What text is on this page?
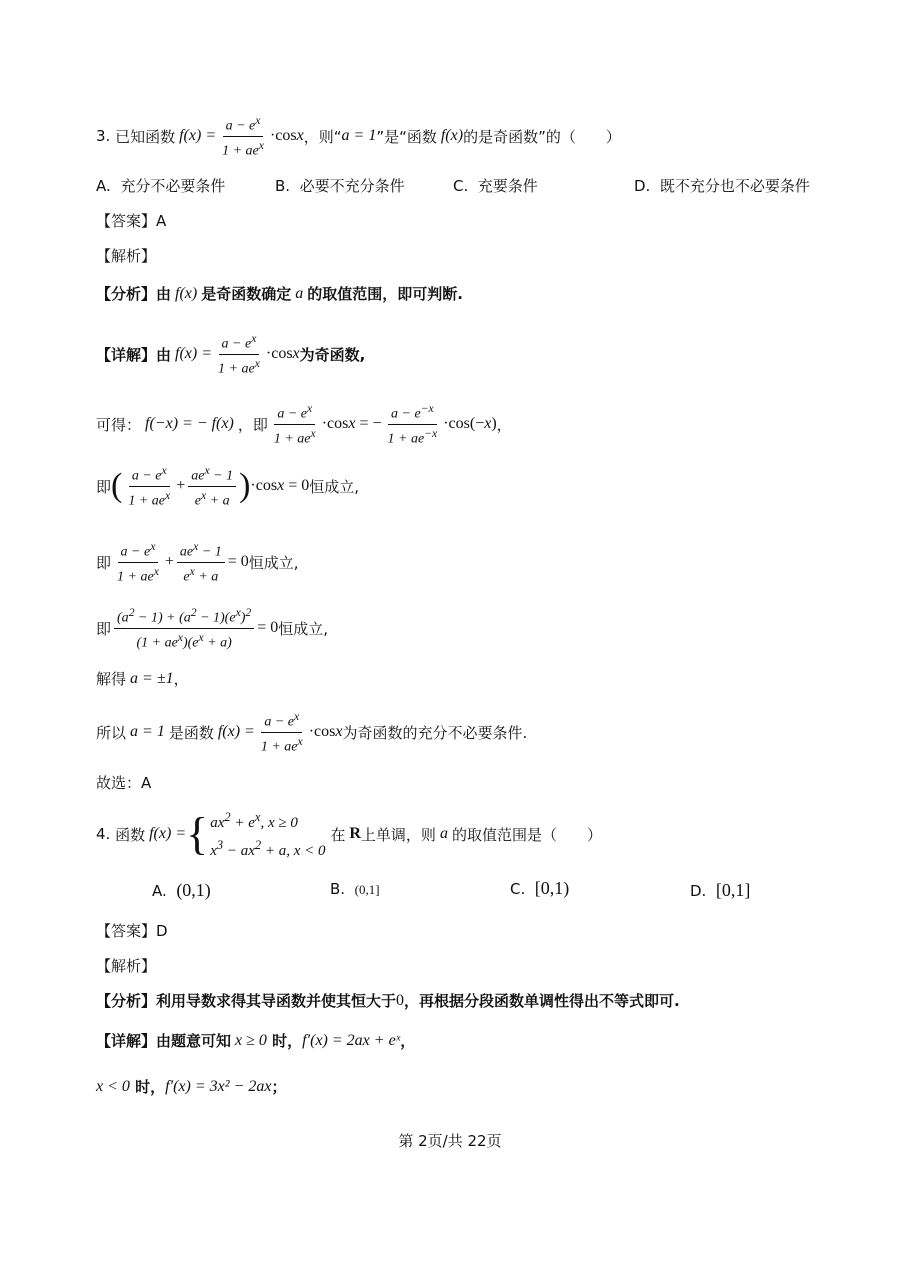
3.
已知函数 $f(x) = \frac{a - e^x}{1 + ae^x} \cdot\cos x$ ，则“ a = 1 ”是“函数 f(x) 的是奇函数”的（　　）
A. 充分不必要条件	B. 必要不充分条件	C. 充要条件	D. 既不充分也不必要条件
【答案】 A
【解析】
【分析】 由 f(x) 是奇函数确定 a 的取值范围，即可判断.
【详解】 由 $f(x) = \frac{a - e^x}{1 + ae^x} \cdot\cos x$ 为奇函数,
可得： f(−x) = − f(x) ，即 $\frac{a - e^x}{1 + ae^x} \cdot\cos x$ = − $\frac{a - e^{-x}}{1 + ae^{-x}} \cdot\cos(-x)$ ，
即 ( $\frac{a - e^x}{1 + ae^x} + \frac{ae^x - 1}{e^x + a}$ ) ·cosx = 0 恒成立,
即 $\frac{a - e^x}{1 + ae^x} + \frac{ae^x - 1}{e^x + a} = 0$ 恒成立,
即 $\frac{(a^2 - 1) + (a^2 - 1)(e^x)^2}{(1 + ae^x)(e^x + a)} = 0$ 恒成立,
解得
a = ±1 ，
所以
a = 1
是函数 $f(x) = \frac{a - e^x}{1 + ae^x} \cdot\cos x$ 为奇函数的充分不必要条件.
故选： A
4.
函数 f(x) = { $ax^2 + e^x$, x ≥ 0
$x^3 - ax^2 + a$, x < 0

在
R 上单调，则 a 的取值范围是（　　）
A. (0,1)	B. (0,1]	C. [0,1)	D. [0,1]
【答案】 D
【解析】
【分析】 利用导数求得其导函数并使其恒大于 0 ，再根据分段函数单调性得出不等式即可.
【详解】 由题意可知
x ≥ 0
时， f′(x) = 2ax + eˣ ，
x < 0
时， f′(x) = 3x² − 2ax ；
第 2页/共 22页
